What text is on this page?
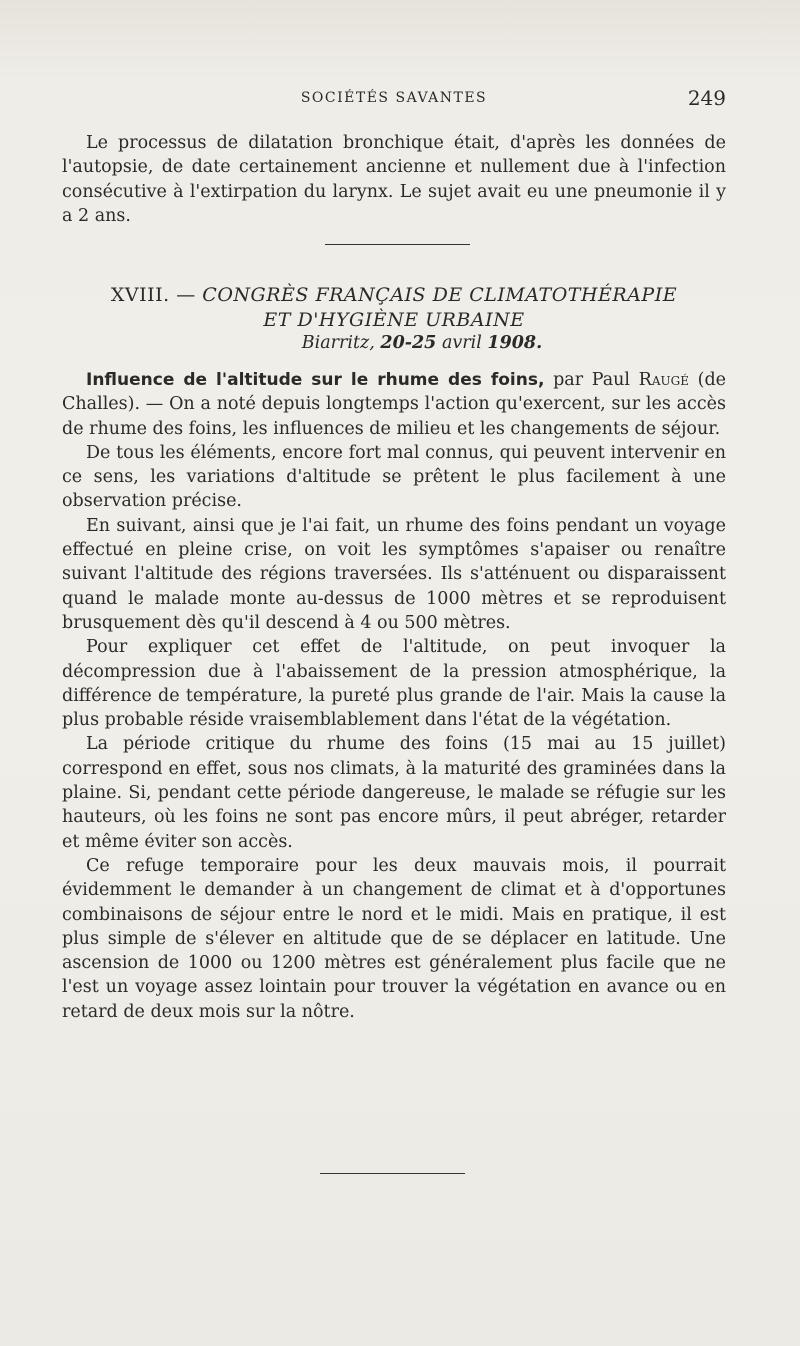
SOCIÉTÉS SAVANTES	249

Le processus de dilatation bronchique était, d'après les données de l'autopsie, de date certainement ancienne et nullement due à l'infection consécutive à l'extirpation du larynx. Le sujet avait eu une pneumonie il y a 2 ans.

XVIII. — CONGRÈS FRANÇAIS DE CLIMATOTHÉRAPIE
ET D'HYGIÈNE URBAINE
Biarritz, 20-25 avril 1908.

Influence de l'altitude sur le rhume des foins, par Paul Raugé (de Challes). — On a noté depuis longtemps l'action qu'exercent, sur les accès de rhume des foins, les influences de milieu et les changements de séjour.

De tous les éléments, encore fort mal connus, qui peuvent intervenir en ce sens, les variations d'altitude se prêtent le plus facilement à une observation précise.

En suivant, ainsi que je l'ai fait, un rhume des foins pendant un voyage effectué en pleine crise, on voit les symptômes s'apaiser ou renaître suivant l'altitude des régions traversées. Ils s'atténuent ou disparaissent quand le malade monte au-dessus de 1000 mètres et se reproduisent brusquement dès qu'il descend à 4 ou 500 mètres.

Pour expliquer cet effet de l'altitude, on peut invoquer la décompression due à l'abaissement de la pression atmosphérique, la différence de température, la pureté plus grande de l'air. Mais la cause la plus probable réside vraisemblablement dans l'état de la végétation.

La période critique du rhume des foins (15 mai au 15 juillet) correspond en effet, sous nos climats, à la maturité des graminées dans la plaine. Si, pendant cette période dangereuse, le malade se réfugie sur les hauteurs, où les foins ne sont pas encore mûrs, il peut abréger, retarder et même éviter son accès.

Ce refuge temporaire pour les deux mauvais mois, il pourrait évidemment le demander à un changement de climat et à d'opportunes combinaisons de séjour entre le nord et le midi. Mais en pratique, il est plus simple de s'élever en altitude que de se déplacer en latitude. Une ascension de 1000 ou 1200 mètres est généralement plus facile que ne l'est un voyage assez lointain pour trouver la végétation en avance ou en retard de deux mois sur la nôtre.
